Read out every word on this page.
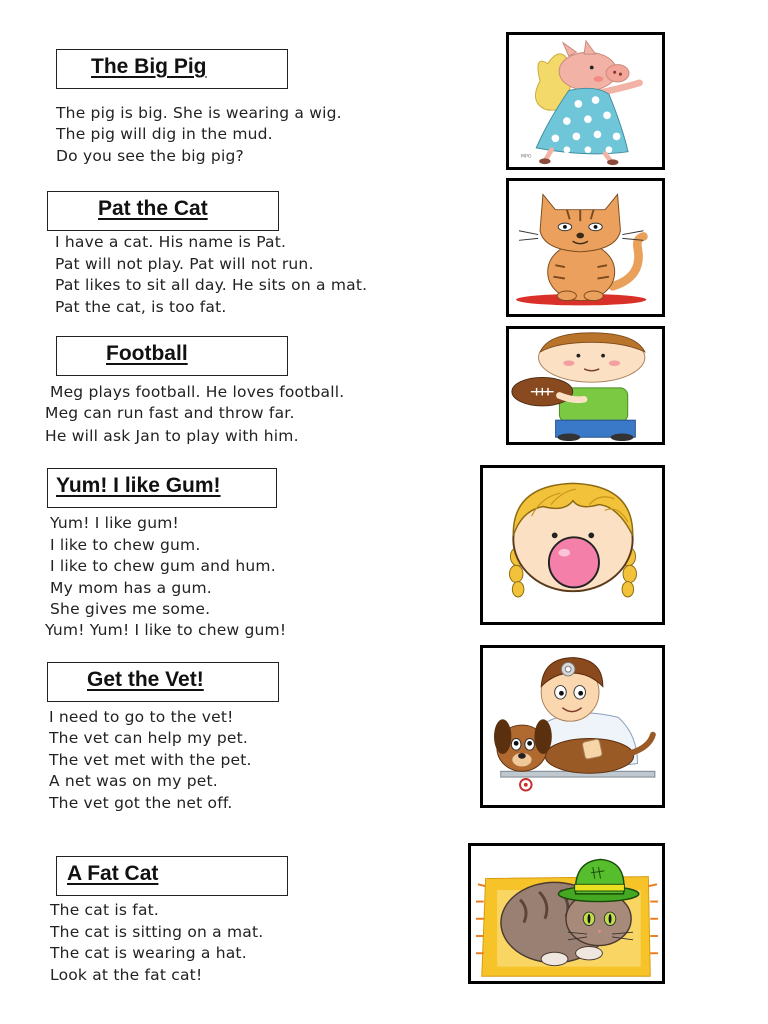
The Big Pig
The pig is big. She is wearing a wig.
The pig will dig in the mud.
Do you see the big pig?	MPG
Pat the Cat
I have a cat. His name is Pat.
Pat will not play. Pat will not run.
Pat likes to sit all day. He sits on a mat.
Pat the cat, is too fat.
Football
Meg plays football. He loves football.
Meg can run fast and throw far.
He will ask Jan to play with him.
Yum! I like Gum!
Yum! I like gum!
I like to chew gum.
I like to chew gum and hum.
My mom has a gum.
She gives me some.
Yum! Yum! I like to chew gum!
Get the Vet!
I need to go to the vet!
The vet can help my pet.
The vet met with the pet.
A net was on my pet.
The vet got the net off.
A Fat Cat
The cat is fat.
The cat is sitting on a mat.
The cat is wearing a hat.
Look at the fat cat!
